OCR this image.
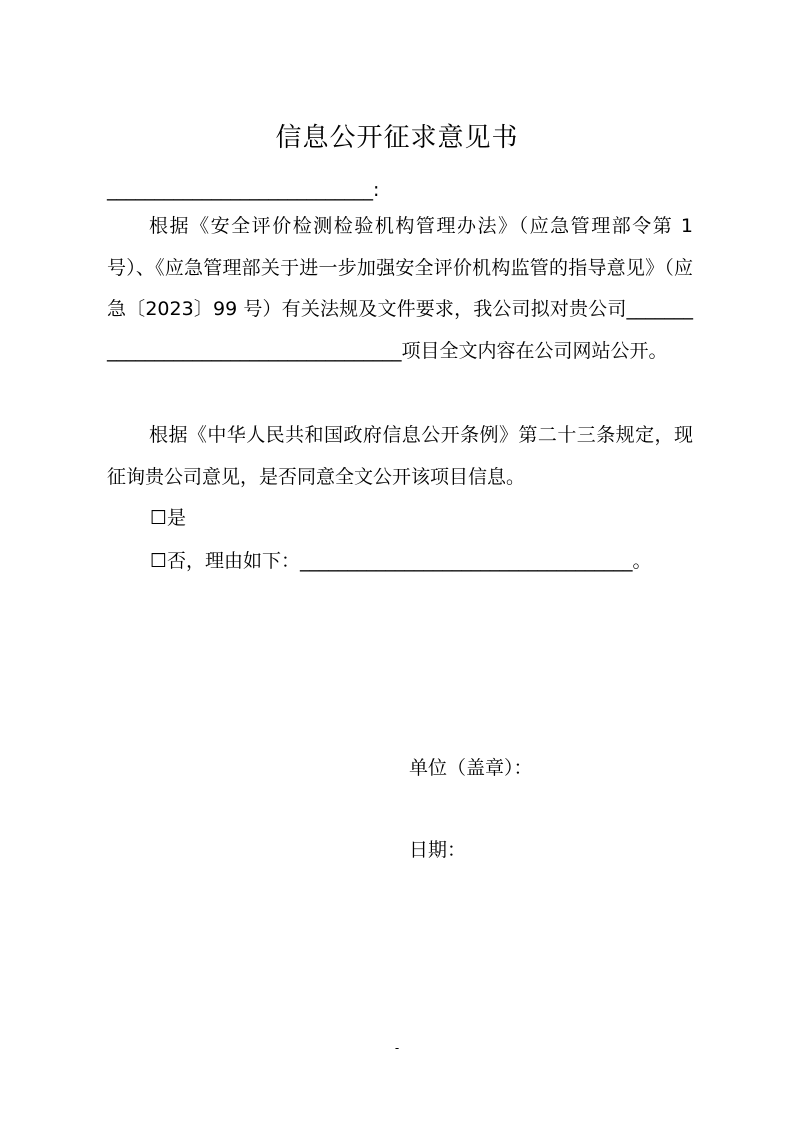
信息公开征求意见书
____________________________:

根据《安全评价检测检验机构管理办法》（应急管理部令第 1 号）、《应急管理部关于进一步加强安全评价机构监管的指导意见》（应急〔2023〕99 号）有关法规及文件要求，我公司拟对贵公司______________________________________项目全文内容在公司网站公开。

根据《中华人民共和国政府信息公开条例》第二十三条规定，现征询贵公司意见，是否同意全文公开该项目信息。

☐是
☐否，理由如下：___________________________________。
单位（盖章）：
日期：
-
